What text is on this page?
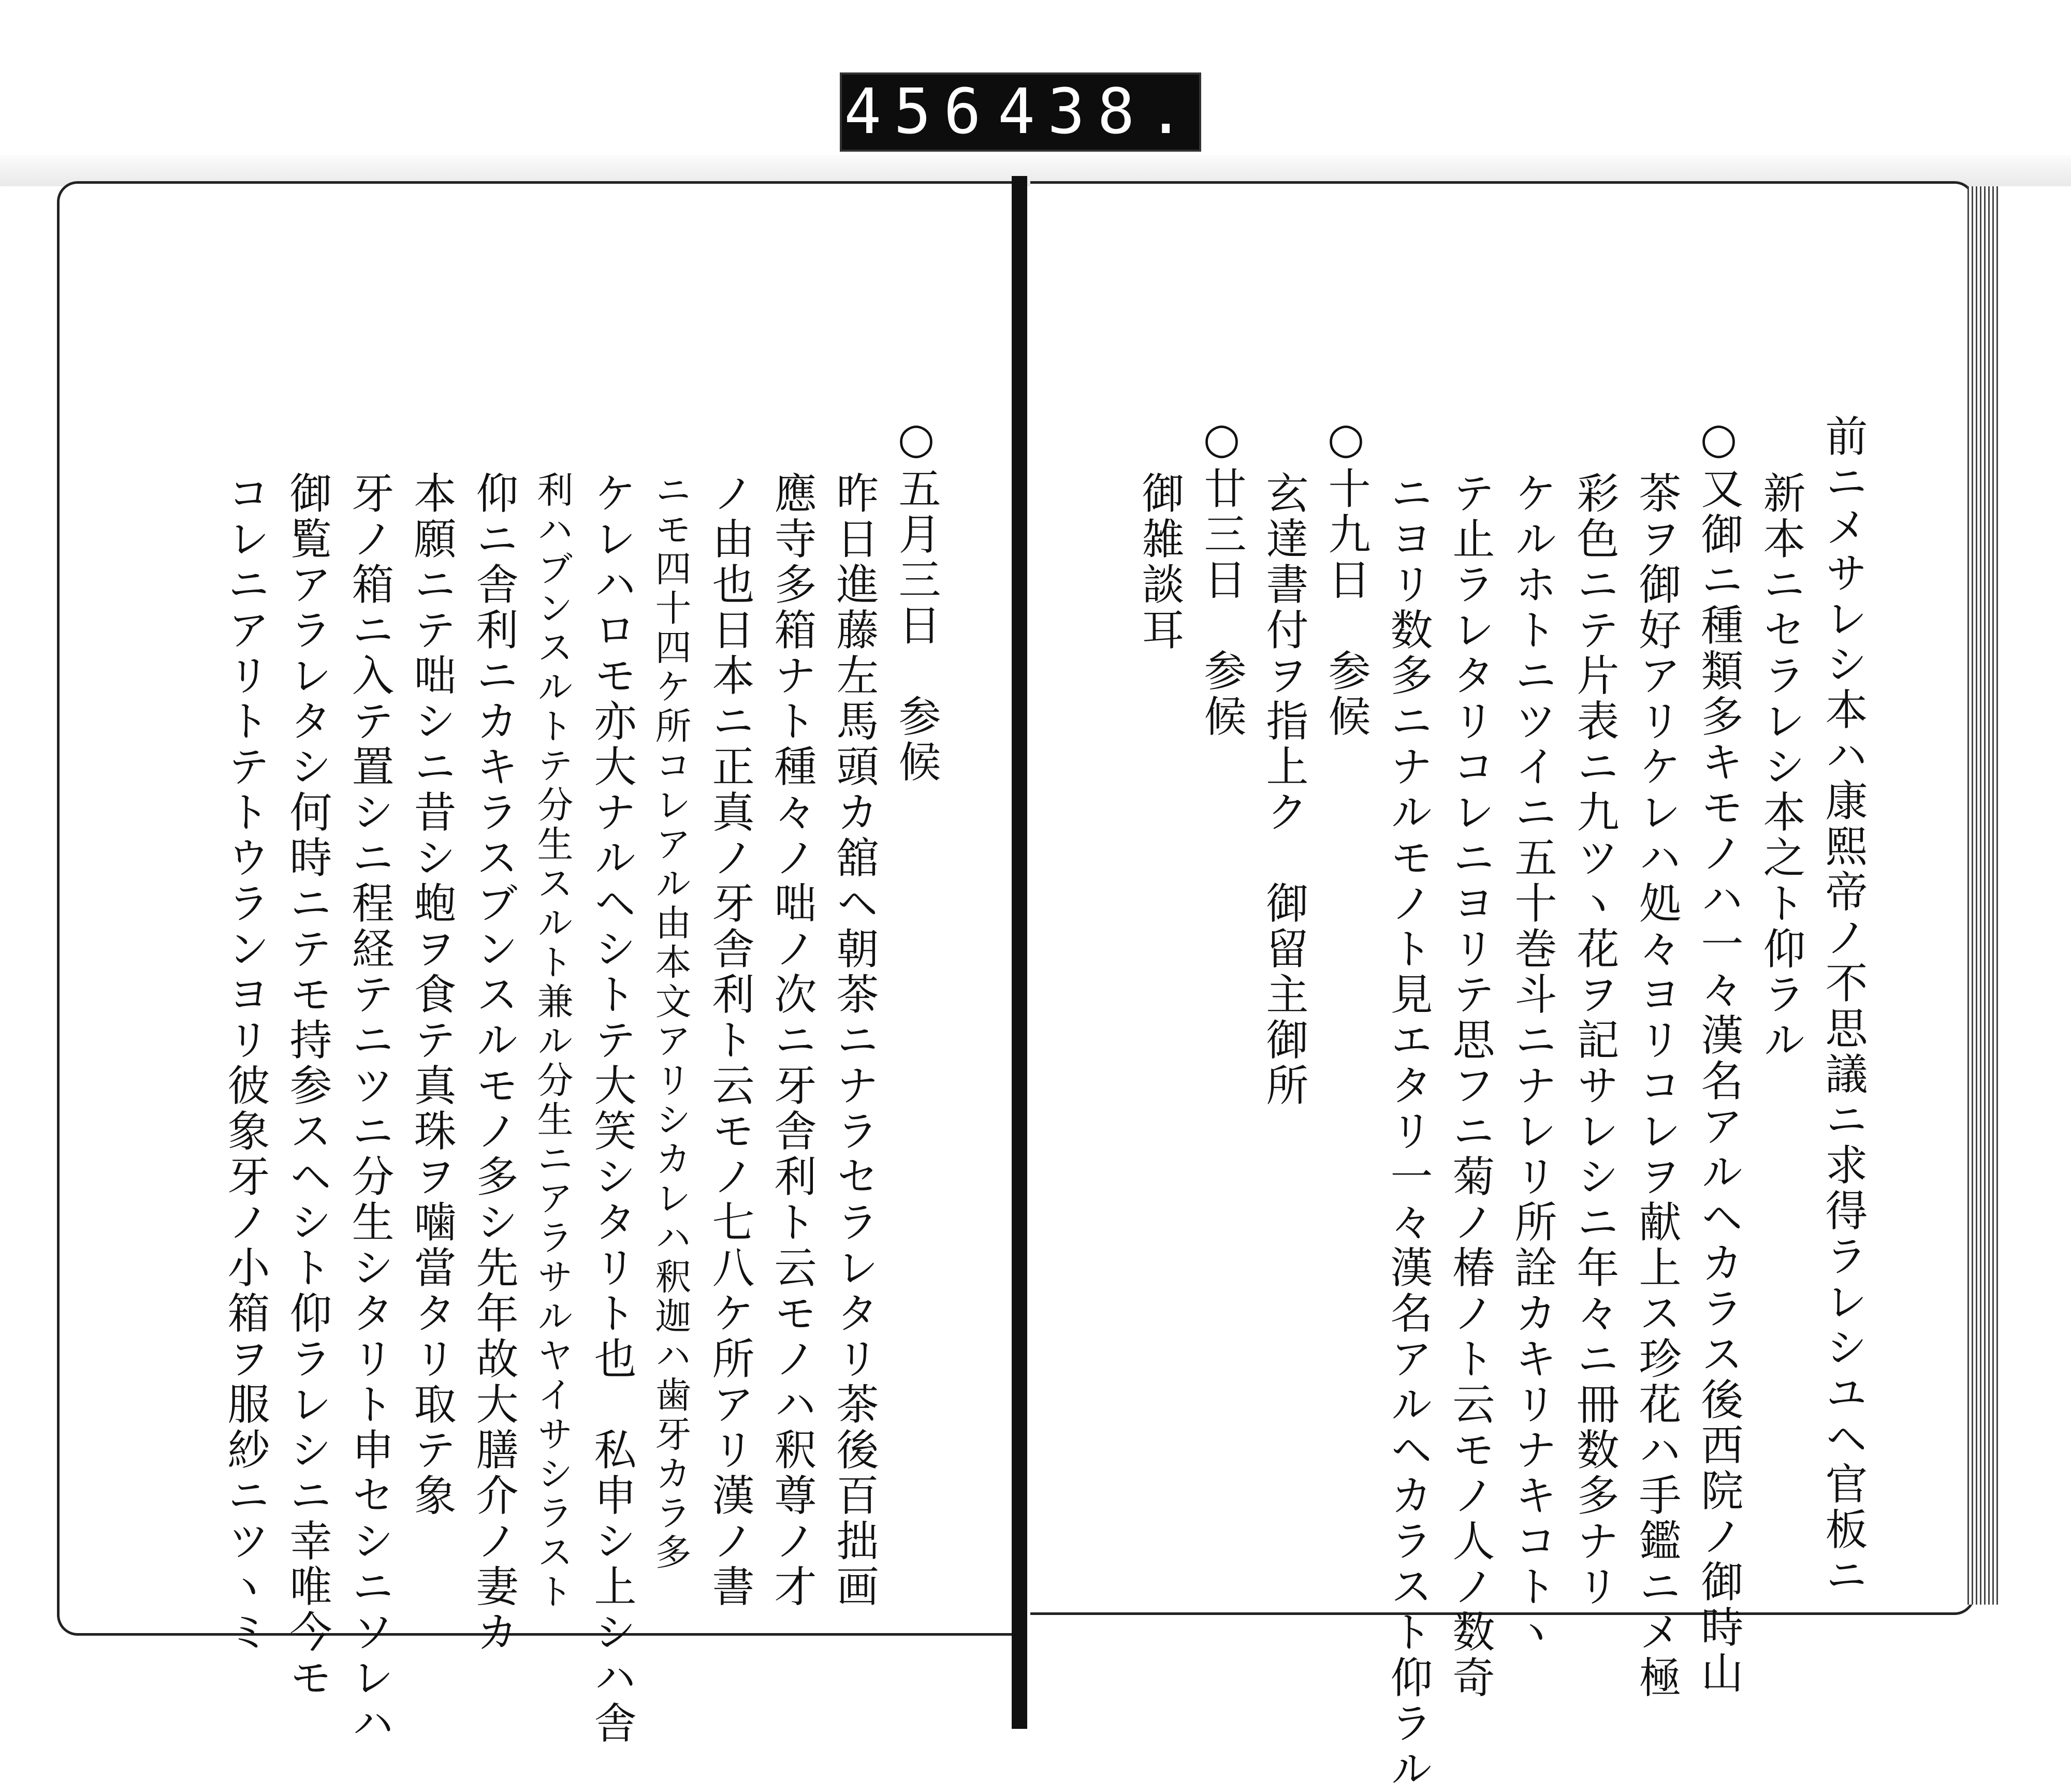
456 438.
前ニメサレシ本ハ康熙帝ノ不思議ニ求得ラレシユヘ官板ニ
新本ニセラレシ本之ト仰ラル
○又御ニ種類多キモノハ一々漢名アルヘカラス後西院ノ御時山
茶ヲ御好アリケレハ処々ヨリコレヲ献上ス珍花ハ手鑑ニメ極
彩色ニテ片表ニ九ツヽ花ヲ記サレシニ年々ニ冊数多ナリ
ケルホトニツイニ五十巻斗ニナレリ所詮カキリナキコトヽ
テ止ラレタリコレニヨリテ思フニ菊ノ椿ノト云モノ人ノ数奇
ニヨリ数多ニナルモノト見エタリ一々漢名アルヘカラスト仰ラル
○十九日　参候
玄達書付ヲ指上ク　御留主御所
○廿三日　参候
御雑談耳
○五月三日　参候
昨日進藤左馬頭カ舘ヘ朝茶ニナラセラレタリ茶後百拙画
應寺多箱ナト種々ノ咄ノ次ニ牙舎利ト云モノハ釈尊ノ才
ノ由也日本ニ正真ノ牙舎利ト云モノ七八ケ所アリ漢ノ書
ニモ四十四ケ所コレアル由本文アリシカレハ釈迦ハ歯牙カラ多
ケレハロモ亦大ナルヘシトテ大笑シタリト也　私申シ上シハ舎
利ハブンスルトテ分生スルト兼ル分生ニアラサルヤイサシラスト
仰ニ舎利ニカキラスブンスルモノ多シ先年故大膳介ノ妻カ
本願ニテ咄シニ昔シ蚫ヲ食テ真珠ヲ噛當タリ取テ象
牙ノ箱ニ入テ置シニ程経テニツニ分生シタリト申セシニソレハ
御覧アラレタシ何時ニテモ持参スヘシト仰ラレシニ幸唯今モ
コレニアリトテトウランヨリ彼象牙ノ小箱ヲ服紗ニツヽミ
